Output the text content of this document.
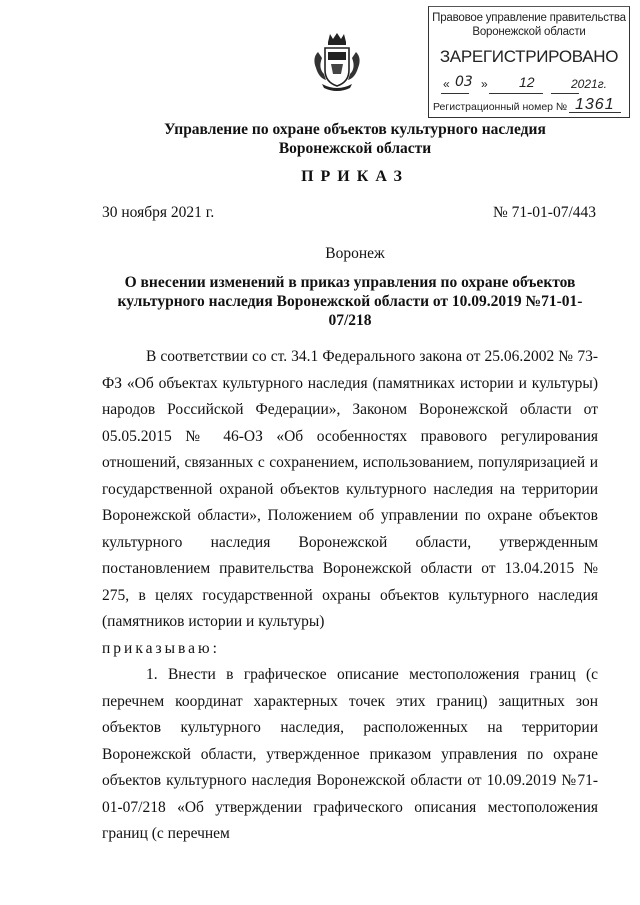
Правовое управление правительства
Воронежской области
ЗАРЕГИСТРИРОВАНО
« 03 » 12	2021г.
Регистрационный номер № 1361
Управление по охране объектов культурного наследия
Воронежской области
ПРИКАЗ
30 ноября 2021 г.	№ 71-01-07/443
Воронеж
О внесении изменений в приказ управления по охране объектов культурного наследия Воронежской области от 10.09.2019 №71-01-07/218

В соответствии со ст. 34.1 Федерального закона от 25.06.2002 № 73-ФЗ «Об объектах культурного наследия (памятниках истории и культуры) народов Российской Федерации», Законом Воронежской области от 05.05.2015 № 46-ОЗ «Об особенностях правового регулирования отношений, связанных с сохранением, использованием, популяризацией и государственной охраной объектов культурного наследия на территории Воронежской области», Положением об управлении по охране объектов культурного наследия Воронежской области, утвержденным постановлением правительства Воронежской области от 13.04.2015 № 275, в целях государственной охраны объектов культурного наследия (памятников истории и культуры)

приказываю:

1. Внести в графическое описание местоположения границ (с перечнем координат характерных точек этих границ) защитных зон объектов культурного наследия, расположенных на территории Воронежской области, утвержденное приказом управления по охране объектов культурного наследия Воронежской области от 10.09.2019 №71-01-07/218 «Об утверждении графического описания местоположения границ (с перечнем
